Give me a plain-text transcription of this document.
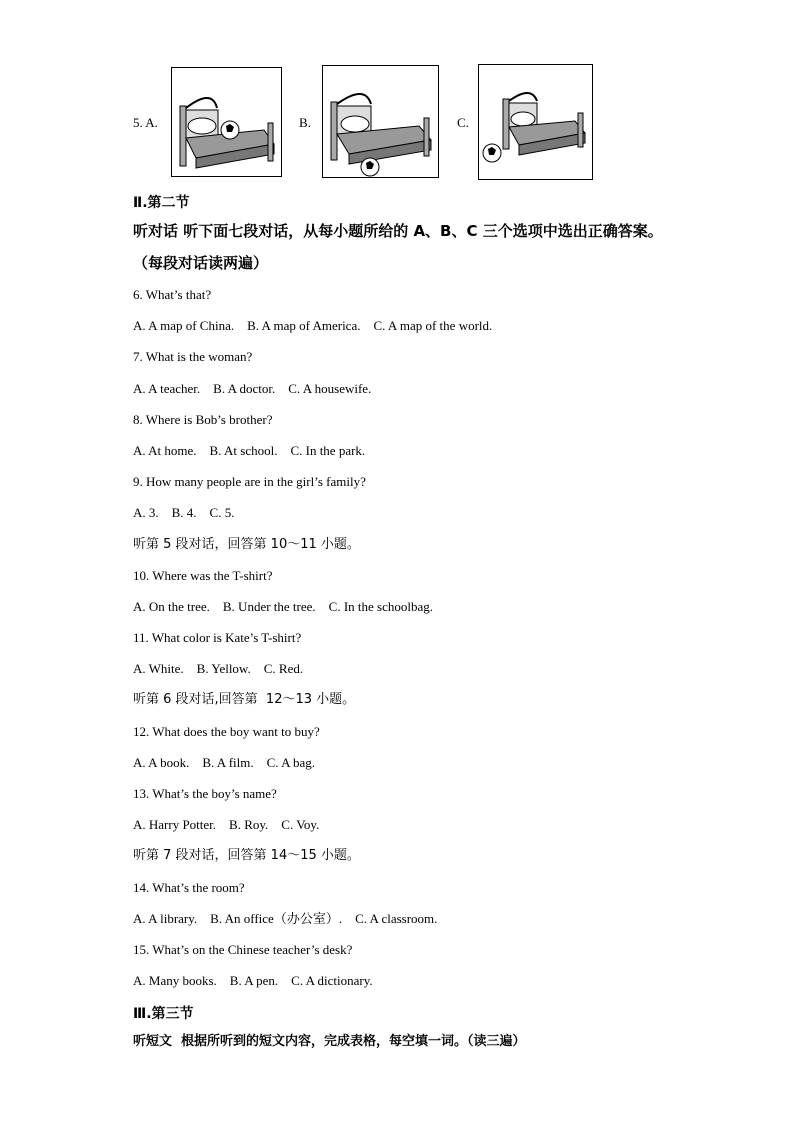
5. A.	B.	C.
Ⅱ.第二节
听对话 听下面七段对话，从每小题所给的 A、B、C 三个选项中选出正确答案。（每段对话读两遍）
6. What’s that?
A. A map of China.    B. A map of America.    C. A map of the world.
7. What is the woman?
A. A teacher.    B. A doctor.    C. A housewife.
8. Where is Bob’s brother?
A. At home.    B. At school.    C. In the park.
9. How many people are in the girl’s family?
A. 3.    B. 4.    C. 5.
听第 5 段对话，回答第 10～11 小题。
10. Where was the T-shirt?
A. On the tree.    B. Under the tree.    C. In the schoolbag.
11. What color is Kate’s T-shirt?
A. White.    B. Yellow.    C. Red.
听第 6 段对话,回答第  12～13 小题。
12. What does the boy want to buy?
A. A book.    B. A film.    C. A bag.
13. What’s the boy’s name?
A. Harry Potter.    B. Roy.    C. Voy.
听第 7 段对话，回答第 14～15 小题。
14. What’s the room?
A. A library.    B. An office（办公室）.    C. A classroom.
15. What’s on the Chinese teacher’s desk?
A. Many books.    B. A pen.    C. A dictionary.
Ⅲ.第三节
听短文  根据所听到的短文内容，完成表格，每空填一词。（读三遍）
